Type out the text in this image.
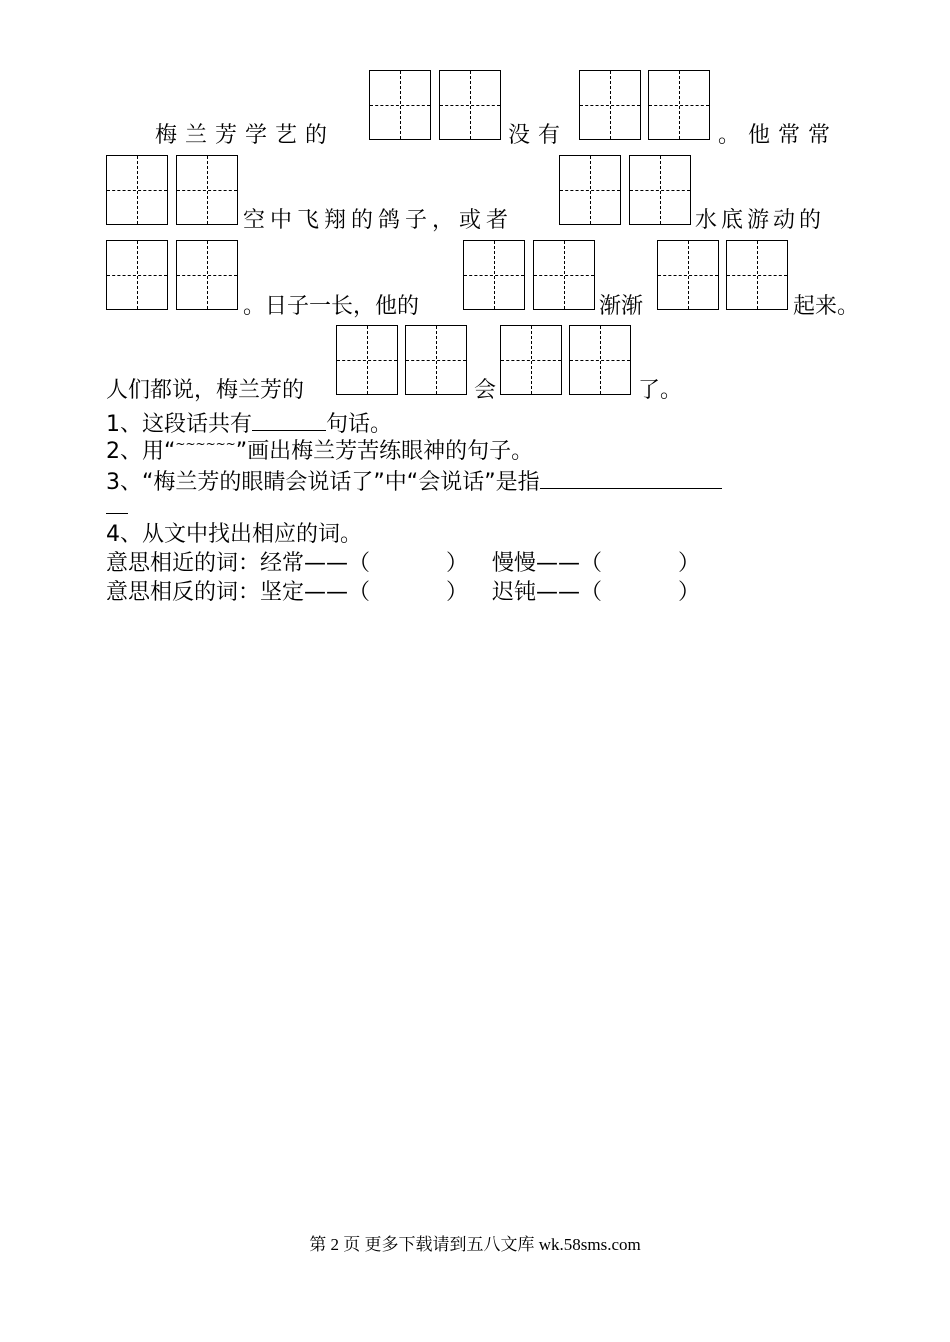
梅兰芳学艺的	没有	。他常常
空中飞翔的鸽子，或者	水底游动的
。日子一长，他的	渐渐	起来。
人们都说，梅兰芳的	会	了。
1、这段话共有	句话。
2、用“~~~~~~”画出梅兰芳苦练眼神的句子。
3、“梅兰芳的眼睛会说话了”中“会说话”是指
4、从文中找出相应的词。
意思相近的词：经常——（	） 慢慢——（	）
意思相反的词：坚定——（	） 迟钝——（	）
第 2 页 更多下载请到五八文库 wk.58sms.com
